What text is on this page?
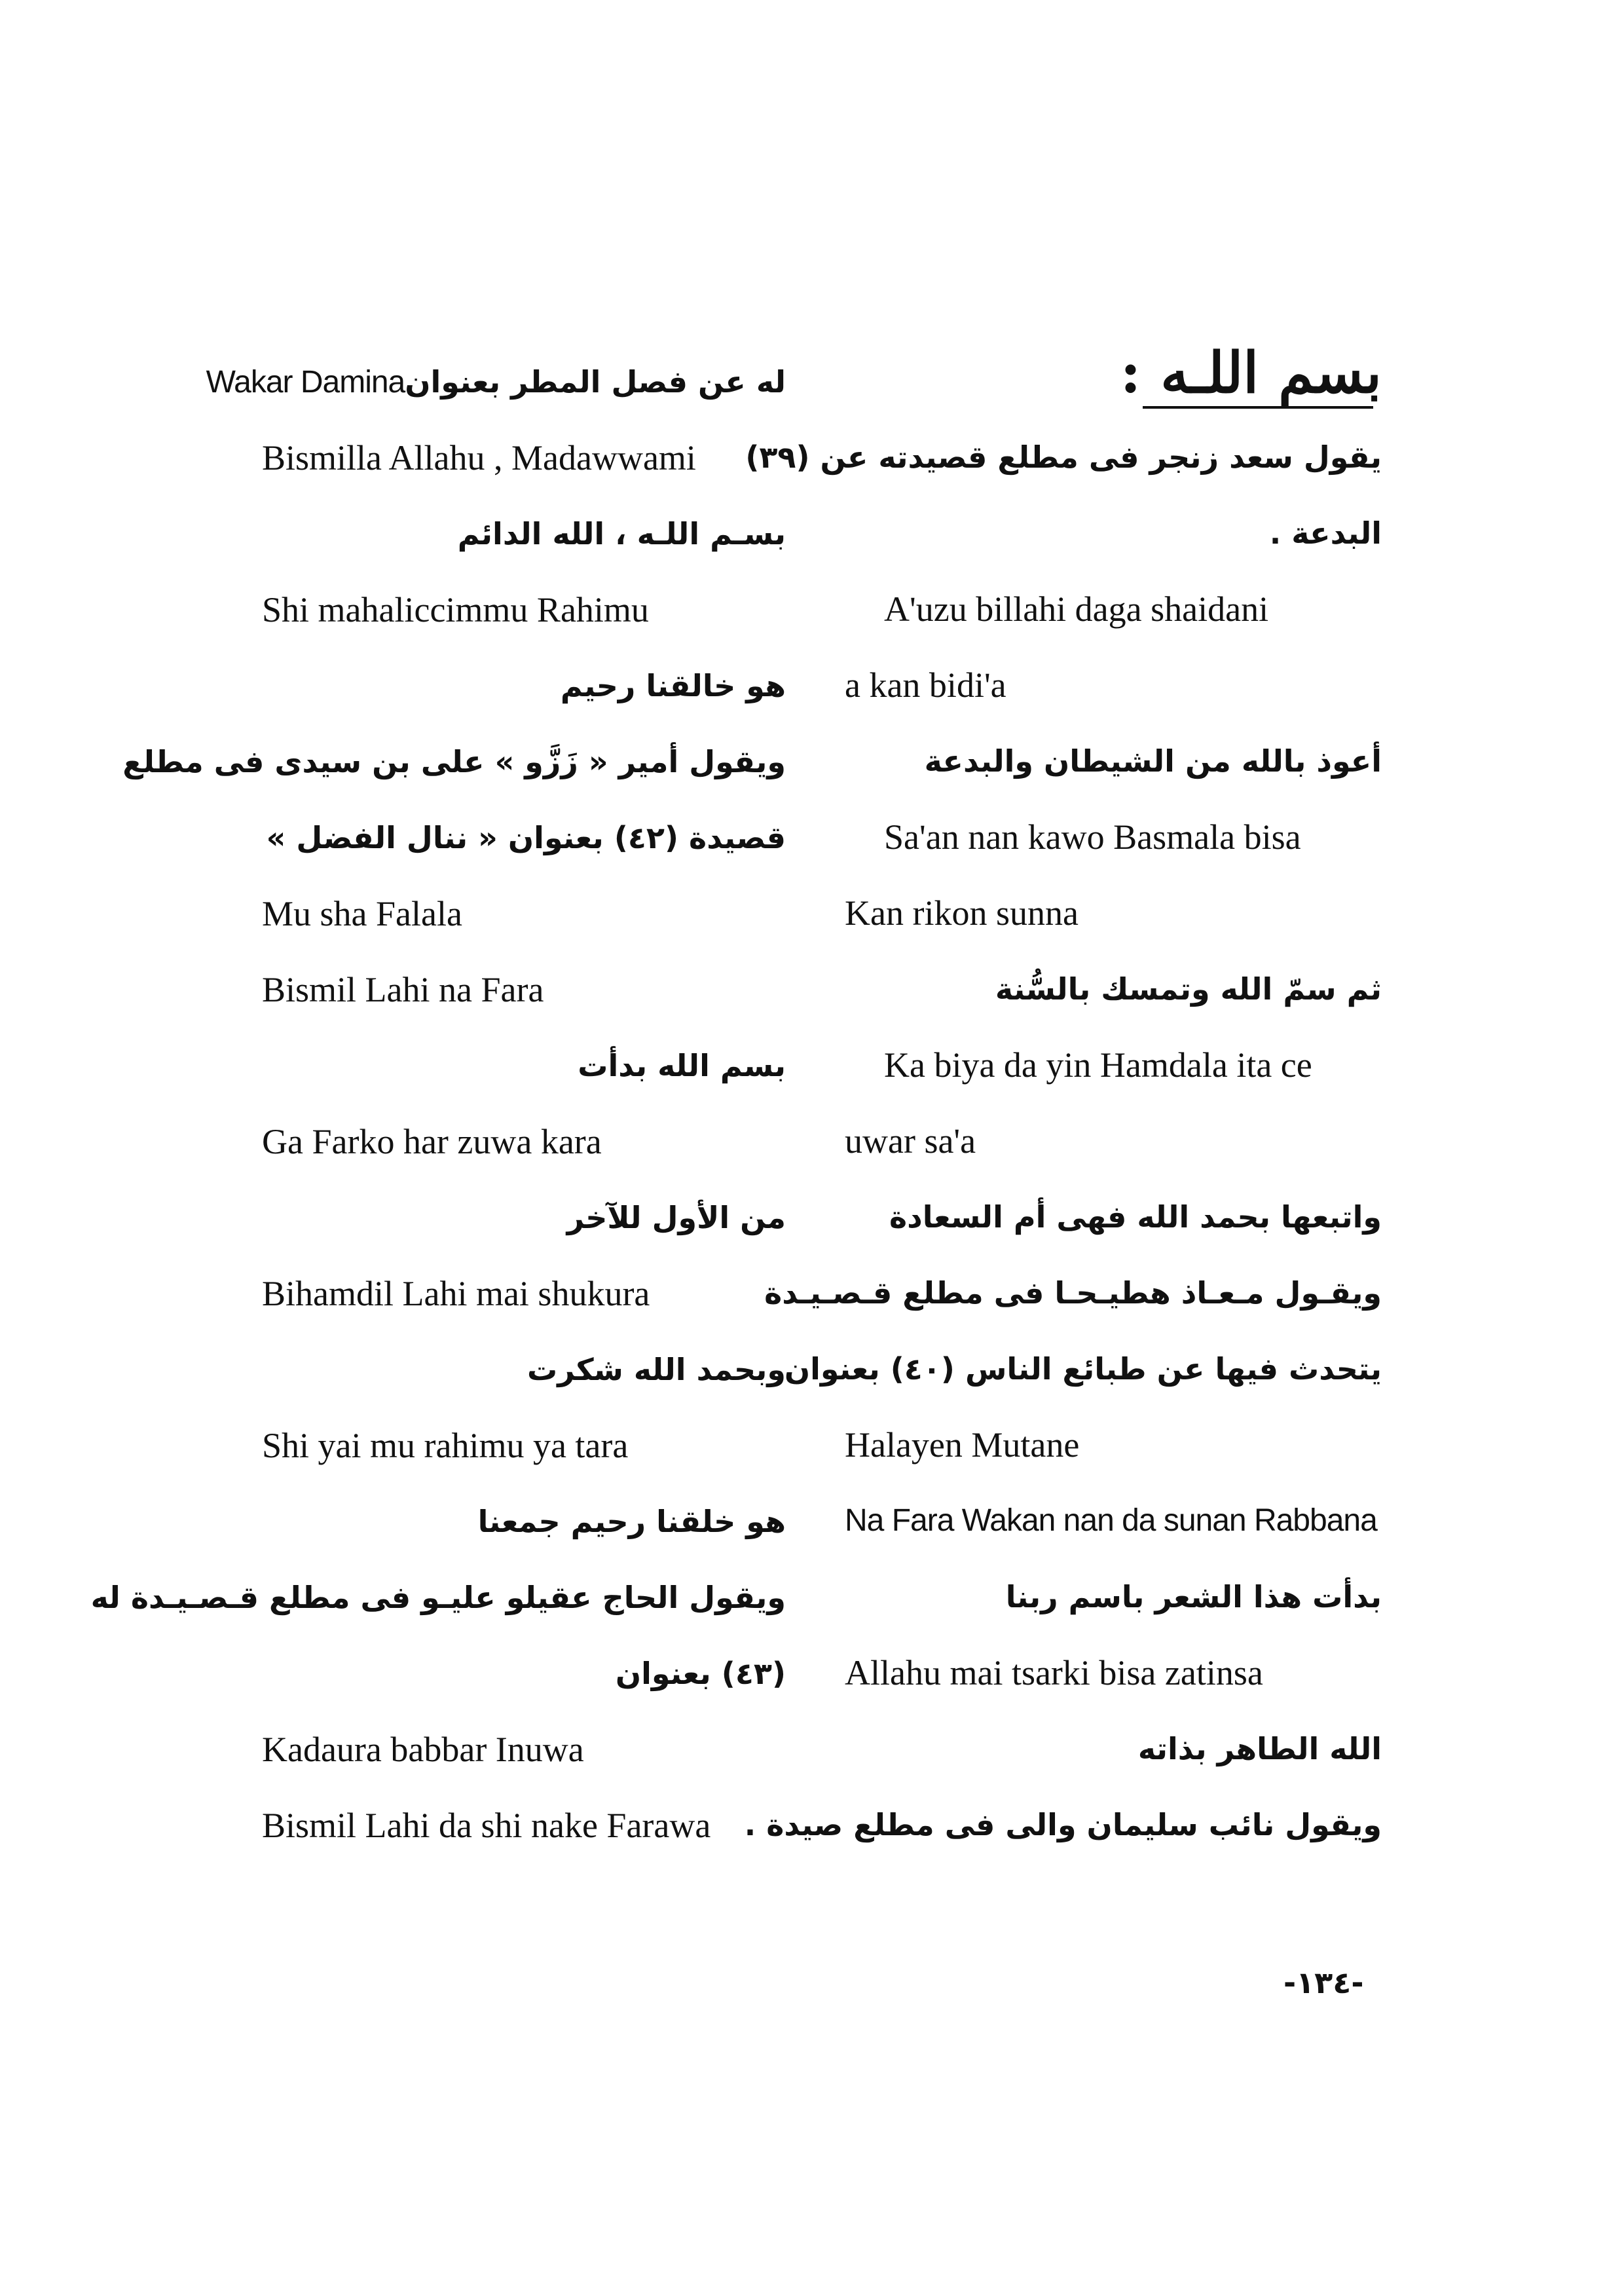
بسم اللـه :
يقول سعد زنجر فى مطلع قصيدته عن (٣٩)
البدعة .
A'uzu billahi daga shaidani
a kan bidi'a
أعوذ بالله من الشيطان والبدعة
Sa'an nan kawo Basmala bisa
Kan rikon sunna
ثم سمّ الله وتمسك بالسُّنة
Ka biya da yin Hamdala ita ce
uwar sa'a
واتبعها بحمد الله فهى أم السعادة
ويقـول مـعـاذ هطيـحـا فى مطلع قـصـيـدة
يتحدث فيها عن طبائع الناس (٤٠) بعنوان
Halayen Mutane
Na Fara Wakan nan da sunan Rabbana
بدأت هذا الشعر باسم ربنا
Allahu mai tsarki bisa zatinsa
الله الطاهر بذاته
ويقول نائب سليمان والى فى مطلع صيدة .
له عن فصل المطر بعنوانWakar Damina
Bismilla Allahu , Madawwami
بسـم اللـه ، الله الدائم
Shi mahaliccimmu Rahimu
هو خالقنا رحيم
ويقول أمير « زَزَّو » على بن سيدى فى مطلع
قصيدة (٤٢) بعنوان « ننال الفضل »
Mu sha Falala
Bismil Lahi na Fara
بسم الله بدأت
Ga Farko har zuwa kara
من الأول للآخر
Bihamdil Lahi mai shukura
وبحمد الله شكرت
Shi yai mu rahimu ya tara
هو خلقنا رحيم جمعنا
ويقول الحاج عقيلو عليـو فى مطلع قـصـيـدة له
(٤٣) بعنوان
Kadaura babbar Inuwa
Bismil Lahi da shi nake Farawa
-١٣٤-
